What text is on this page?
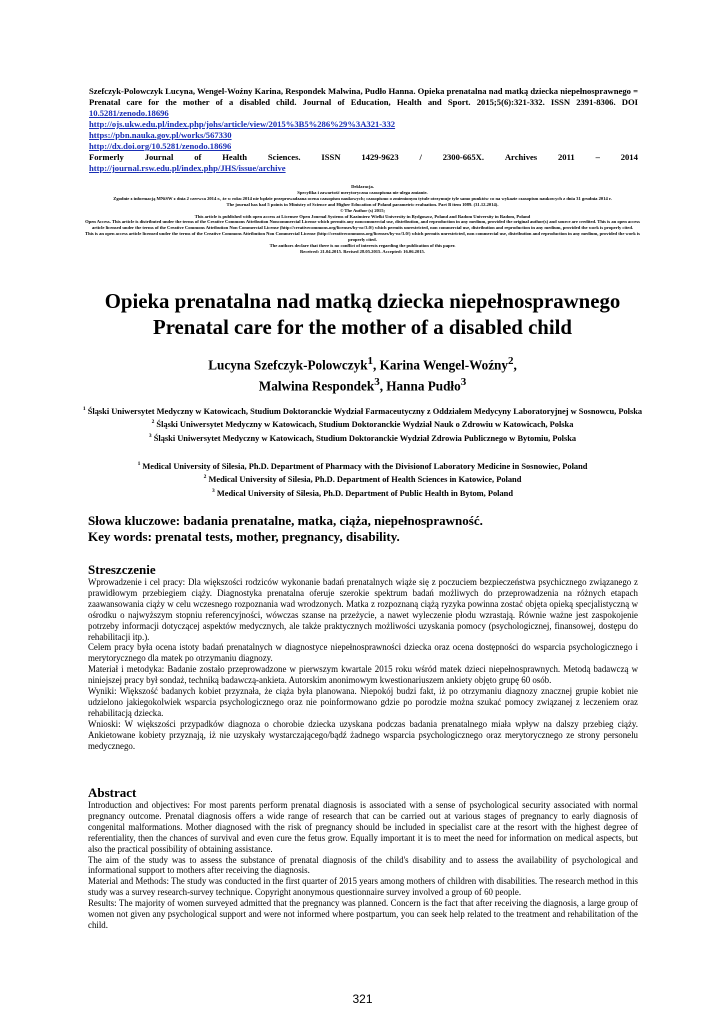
Szefczyk-Polowczyk Lucyna, Wengel-Woźny Karina, Respondek Malwina, Pudło Hanna. Opieka prenatalna nad matką dziecka niepełnosprawnego = Prenatal care for the mother of a disabled child. Journal of Education, Health and Sport. 2015;5(6):321-332. ISSN 2391-8306. DOI 10.5281/zenodo.18696

http://ojs.ukw.edu.pl/index.php/johs/article/view/2015%3B5%286%29%3A321-332

https://pbn.nauka.gov.pl/works/567330

http://dx.doi.org/10.5281/zenodo.18696

Formerly Journal of Health Sciences. ISSN 1429-9623 / 2300-665X. Archives 2011 – 2014

http://journal.rsw.edu.pl/index.php/JHS/issue/archive

Deklaracja.

Specyfika i zawartość merytoryczna czasopisma nie ulega zmianie.

Zgodnie z informacją MNiSW z dnia 2 czerwca 2014 r., że w roku 2014 nie będzie przeprowadzana ocena czasopism naukowych; czasopismo o zmienionym tytule otrzymuje tyle samo punktów co na wykazie czasopism naukowych z dnia 31 grudnia 2014 r.

The journal has had 5 points in Ministry of Science and Higher Education of Poland parametric evaluation. Part B item 1089. (31.12.2014).

© The Author (s) 2015;

This article is published with open access at Licensee Open Journal Systems of Kazimierz Wielki University in Bydgoszcz, Poland and Radom University in Radom, Poland

Open Access. This article is distributed under the terms of the Creative Commons Attribution Noncommercial License which permits any noncommercial use, distribution, and reproduction in any medium, provided the original author(s) and source are credited. This is an open access article licensed under the terms of the Creative Commons Attribution Non Commercial License (http://creativecommons.org/licenses/by-nc/3.0/) which permits unrestricted, non commercial use, distribution and reproduction in any medium, provided the work is properly cited.

This is an open access article licensed under the terms of the Creative Commons Attribution Non Commercial License (http://creativecommons.org/licenses/by-nc/3.0/) which permits unrestricted, non commercial use, distribution and reproduction in any medium, provided the work is properly cited.

The authors declare that there is no conflict of interests regarding the publication of this paper.

Received: 21.04.2015. Revised 28.05.2015. Accepted: 16.06.2015.

Opieka prenatalna nad matką dziecka niepełnosprawnego

Prenatal care for the mother of a disabled child

Lucyna Szefczyk-Polowczyk$^1$, Karina Wengel-Woźny$^2$,

Malwina Respondek$^3$, Hanna Pudło$^3$

$^1$ Śląski Uniwersytet Medyczny w Katowicach, Studium Doktoranckie Wydział Farmaceutyczny z Oddziałem Medycyny Laboratoryjnej w Sosnowcu, Polska

$^2$ Śląski Uniwersytet Medyczny w Katowicach, Studium Doktoranckie Wydział Nauk o Zdrowiu w Katowicach, Polska

$^3$ Śląski Uniwersytet Medyczny w Katowicach, Studium Doktoranckie Wydział Zdrowia Publicznego w Bytomiu, Polska

$^1$ Medical University of Silesia, Ph.D. Department of Pharmacy with the Divisionof Laboratory Medicine in Sosnowiec, Poland

$^2$ Medical University of Silesia, Ph.D. Department of Health Sciences in Katowice, Poland

$^3$ Medical University of Silesia, Ph.D. Department of Public Health in Bytom, Poland

Słowa kluczowe: badania prenatalne, matka, ciąża, niepełnosprawność.

Key words: prenatal tests, mother, pregnancy, disability.

Streszczenie

Wprowadzenie i cel pracy: Dla większości rodziców wykonanie badań prenatalnych wiąże się z poczuciem bezpieczeństwa psychicznego związanego z prawidłowym przebiegiem ciąży. Diagnostyka prenatalna oferuje szerokie spektrum badań możliwych do przeprowadzenia na różnych etapach zaawansowania ciąży w celu wczesnego rozpoznania wad wrodzonych. Matka z rozpoznaną ciążą ryzyka powinna zostać objęta opieką specjalistyczną w ośrodku o najwyższym stopniu referencyjności, wówczas szanse na przeżycie, a nawet wyleczenie płodu wzrastają. Równie ważne jest zaspokojenie potrzeby informacji dotyczącej aspektów medycznych, ale także praktycznych możliwości uzyskania pomocy (psychologicznej, finansowej, dostępu do rehabilitacji itp.).

Celem pracy była ocena istoty badań prenatalnych w diagnostyce niepełnosprawności dziecka oraz ocena dostępności do wsparcia psychologicznego i merytorycznego dla matek po otrzymaniu diagnozy.

Materiał i metodyka: Badanie zostało przeprowadzone w pierwszym kwartale 2015 roku wśród matek dzieci niepełnosprawnych. Metodą badawczą w niniejszej pracy był sondaż, techniką badawczą-ankieta. Autorskim anonimowym kwestionariuszem ankiety objęto grupę 60 osób.

Wyniki: Większość badanych kobiet przyznała, że ciąża była planowana. Niepokój budzi fakt, iż po otrzymaniu diagnozy znacznej grupie kobiet nie udzielono jakiegokolwiek wsparcia psychologicznego oraz nie poinformowano gdzie po porodzie można szukać pomocy związanej z leczeniem oraz rehabilitacją dziecka.

Wnioski: W większości przypadków diagnoza o chorobie dziecka uzyskana podczas badania prenatalnego miała wpływ na dalszy przebieg ciąży. Ankietowane kobiety przyznają, iż nie uzyskały wystarczającego/bądź żadnego wsparcia psychologicznego oraz merytorycznego ze strony personelu medycznego.

Abstract

Introduction and objectives: For most parents perform prenatal diagnosis is associated with a sense of psychological security associated with normal pregnancy outcome. Prenatal diagnosis offers a wide range of research that can be carried out at various stages of pregnancy to early diagnosis of congenital malformations. Mother diagnosed with the risk of pregnancy should be included in specialist care at the resort with the highest degree of referentiality, then the chances of survival and even cure the fetus grow. Equally important it is to meet the need for information on medical aspects, but also the practical possibility of obtaining assistance.

The aim of the study was to assess the substance of prenatal diagnosis of the child's disability and to assess the availability of psychological and informational support to mothers after receiving the diagnosis.

Material and Methods: The study was conducted in the first quarter of 2015 years among mothers of children with disabilities. The research method in this study was a survey research-survey technique. Copyright anonymous questionnaire survey involved a group of 60 people.

Results: The majority of women surveyed admitted that the pregnancy was planned. Concern is the fact that after receiving the diagnosis, a large group of women not given any psychological support and were not informed where postpartum, you can seek help related to the treatment and rehabilitation of the child.

321
